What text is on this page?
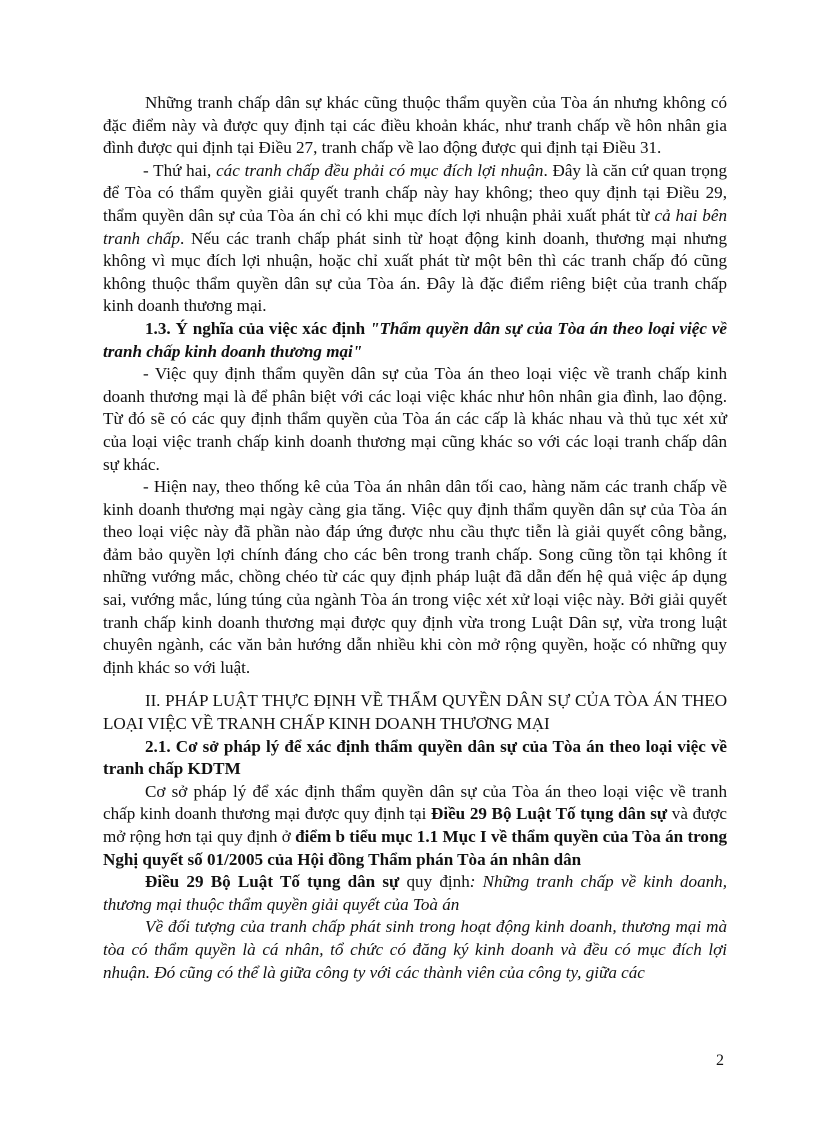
Những tranh chấp dân sự khác cũng thuộc thẩm quyền của Tòa án nhưng không có đặc điểm này và được quy định tại các điều khoản khác, như tranh chấp về hôn nhân gia đình được qui định tại Điều 27, tranh chấp về lao động được qui định tại Điều 31.

- Thứ hai, các tranh chấp đều phải có mục đích lợi nhuận. Đây là căn cứ quan trọng để Tòa có thẩm quyền giải quyết tranh chấp này hay không; theo quy định tại Điều 29, thẩm quyền dân sự của Tòa án chỉ có khi mục đích lợi nhuận phải xuất phát từ cả hai bên tranh chấp. Nếu các tranh chấp phát sinh từ hoạt động kinh doanh, thương mại nhưng không vì mục đích lợi nhuận, hoặc chỉ xuất phát từ một bên thì các tranh chấp đó cũng không thuộc thẩm quyền dân sự của Tòa án. Đây là đặc điểm riêng biệt của tranh chấp kinh doanh thương mại.

1.3. Ý nghĩa của việc xác định "Thẩm quyền dân sự của Tòa án theo loại việc về tranh chấp kinh doanh thương mại"

- Việc quy định thẩm quyền dân sự của Tòa án theo loại việc về tranh chấp kinh doanh thương mại là để phân biệt với các loại việc khác như hôn nhân gia đình, lao động. Từ đó sẽ có các quy định thẩm quyền của Tòa án các cấp là khác nhau và thủ tục xét xử của loại việc tranh chấp kinh doanh thương mại cũng khác so với các loại tranh chấp dân sự khác.

- Hiện nay, theo thống kê của Tòa án nhân dân tối cao, hàng năm các tranh chấp về kinh doanh thương mại ngày càng gia tăng. Việc quy định thẩm quyền dân sự của Tòa án theo loại việc này đã phần nào đáp ứng được nhu cầu thực tiễn là giải quyết công bằng, đảm bảo quyền lợi chính đáng cho các bên trong tranh chấp. Song cũng tồn tại không ít những vướng mắc, chồng chéo từ các quy định pháp luật đã dẫn đến hệ quả việc áp dụng sai, vướng mắc, lúng túng của ngành Tòa án trong việc xét xử loại việc này. Bởi giải quyết tranh chấp kinh doanh thương mại được quy định vừa trong Luật Dân sự, vừa trong luật chuyên ngành, các văn bản hướng dẫn nhiều khi còn mở rộng quyền, hoặc có những quy định khác so với luật.

II. PHÁP LUẬT THỰC ĐỊNH VỀ THẨM QUYỀN DÂN SỰ CỦA TÒA ÁN THEO LOẠI VIỆC VỀ TRANH CHẤP KINH DOANH THƯƠNG MẠI

2.1. Cơ sở pháp lý để xác định thẩm quyền dân sự của Tòa án theo loại việc về tranh chấp KDTM

Cơ sở pháp lý để xác định thẩm quyền dân sự của Tòa án theo loại việc về tranh chấp kinh doanh thương mại được quy định tại Điều 29 Bộ Luật Tố tụng dân sự và được mở rộng hơn tại quy định ở điểm b tiểu mục 1.1 Mục I về thẩm quyền của Tòa án trong Nghị quyết số 01/2005 của Hội đồng Thẩm phán Tòa án nhân dân

Điều 29 Bộ Luật Tố tụng dân sự quy định: Những tranh chấp về kinh doanh, thương mại thuộc thẩm quyền giải quyết của Toà án

Về đối tượng của tranh chấp phát sinh trong hoạt động kinh doanh, thương mại mà tòa có thẩm quyền là cá nhân, tổ chức có đăng ký kinh doanh và đều có mục đích lợi nhuận. Đó cũng có thể là giữa công ty với các thành viên của công ty, giữa các

2
